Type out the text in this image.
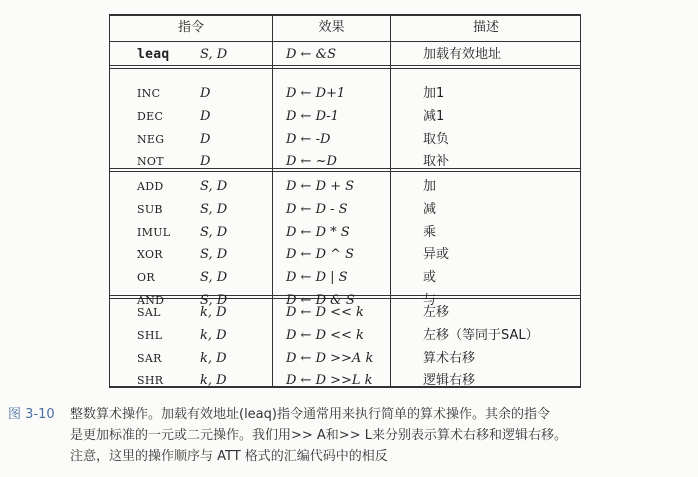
指令	效果	描述
leaq S, D	D ← &S	加载有效地址
INC	D	D ← D+1	加1
DEC	D	D ← D-1	减1
NEG	D	D ← -D	取负
NOT	D	D ← ~D	取补
ADD	S, D	D ← D + S	加
SUB	S, D	D ← D - S	减
IMUL S, D	D ← D * S	乘
XOR	S, D	D ← D ^ S	异或
OR	S, D	D ← D | S	或
AND	S, D	D ← D & S	与
SAL	k, D	D ← D << k	左移
SHL	k, D	D ← D << k	左移（等同于SAL）
SAR	k, D	D ← D >>A k	算术右移
SHR	k, D	D ← D >>L k	逻辑右移
图 3-10 整数算术操作。加载有效地址(leaq)指令通常用来执行简单的算术操作。其余的指令
是更加标准的一元或二元操作。我们用>> A和>> L来分别表示算术右移和逻辑右移。
注意，这里的操作顺序与 ATT 格式的汇编代码中的相反
